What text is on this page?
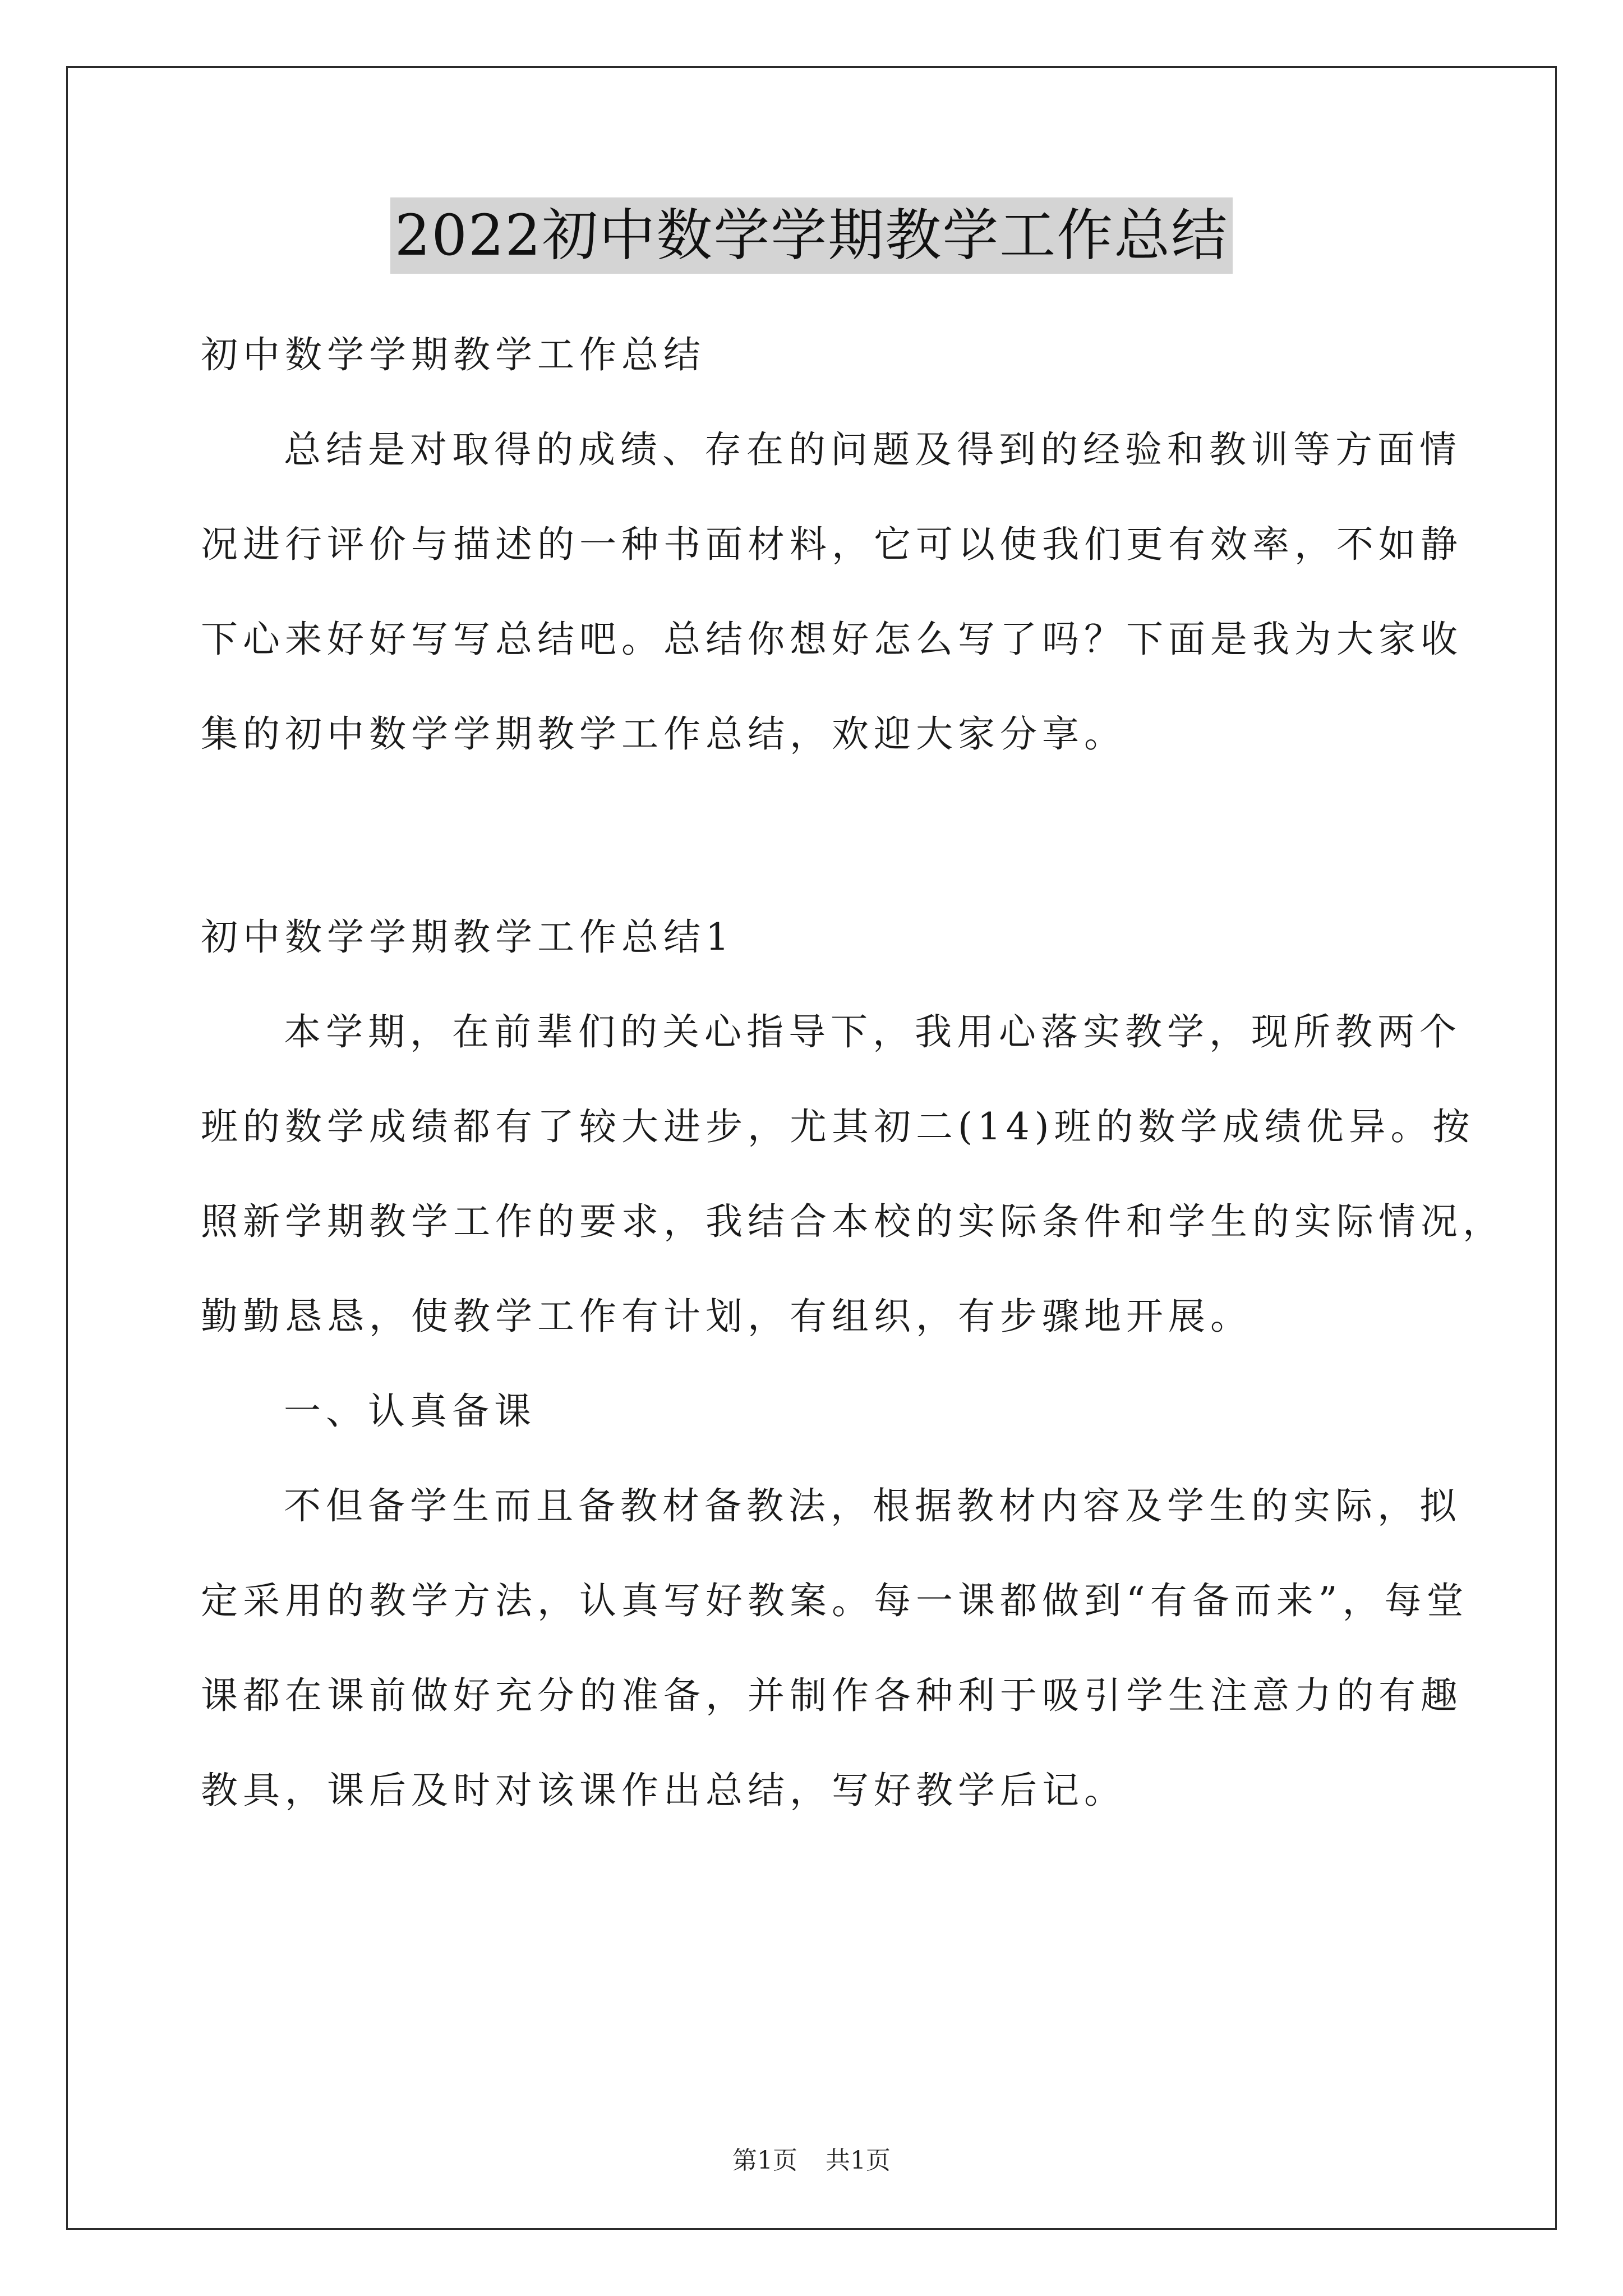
2022初中数学学期教学工作总结
初中数学学期教学工作总结
总结是对取得的成绩、存在的问题及得到的经验和教训等方面情
况进行评价与描述的一种书面材料，它可以使我们更有效率，不如静
下心来好好写写总结吧。总结你想好怎么写了吗？下面是我为大家收
集的初中数学学期教学工作总结，欢迎大家分享。
初中数学学期教学工作总结1
本学期，在前辈们的关心指导下，我用心落实教学，现所教两个
班的数学成绩都有了较大进步，尤其初二(14)班的数学成绩优异。按
照新学期教学工作的要求，我结合本校的实际条件和学生的实际情况，
勤勤恳恳，使教学工作有计划，有组织，有步骤地开展。
一、认真备课
不但备学生而且备教材备教法，根据教材内容及学生的实际，拟
定采用的教学方法，认真写好教案。每一课都做到“有备而来”，每堂
课都在课前做好充分的准备，并制作各种利于吸引学生注意力的有趣
教具，课后及时对该课作出总结，写好教学后记。
第1页 共1页
